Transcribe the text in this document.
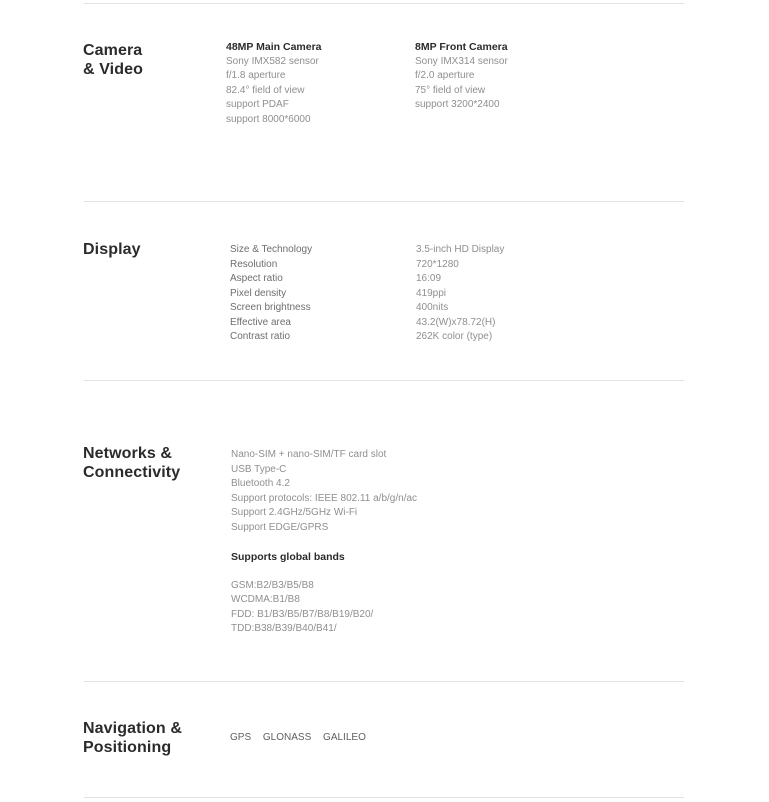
Camera
& Video
48MP Main Camera
Sony IMX582 sensor
f/1.8 aperture
82.4° field of view
support PDAF
support 8000*6000
8MP Front Camera
Sony IMX314 sensor
f/2.0 aperture
75° field of view
support 3200*2400
Display	Size & Technology
Resolution
Aspect ratio
Pixel density
Screen brightness
Effective area
Contrast ratio
3.5-inch HD Display
720*1280
16:09
419ppi
400nits
43.2(W)x78.72(H)
262K color (type)
Networks &
Connectivity
Nano-SIM + nano-SIM/TF card slot
USB Type-C
Bluetooth 4.2
Support protocols: IEEE 802.11 a/b/g/n/ac
Support 2.4GHz/5GHz Wi-Fi
Support EDGE/GPRS

Supports global bands

GSM:B2/B3/B5/B8
WCDMA:B1/B8
FDD: B1/B3/B5/B7/B8/B19/B20/
TDD:B38/B39/B40/B41/
Navigation &
Positioning
GPS GLONASS GALILEO
